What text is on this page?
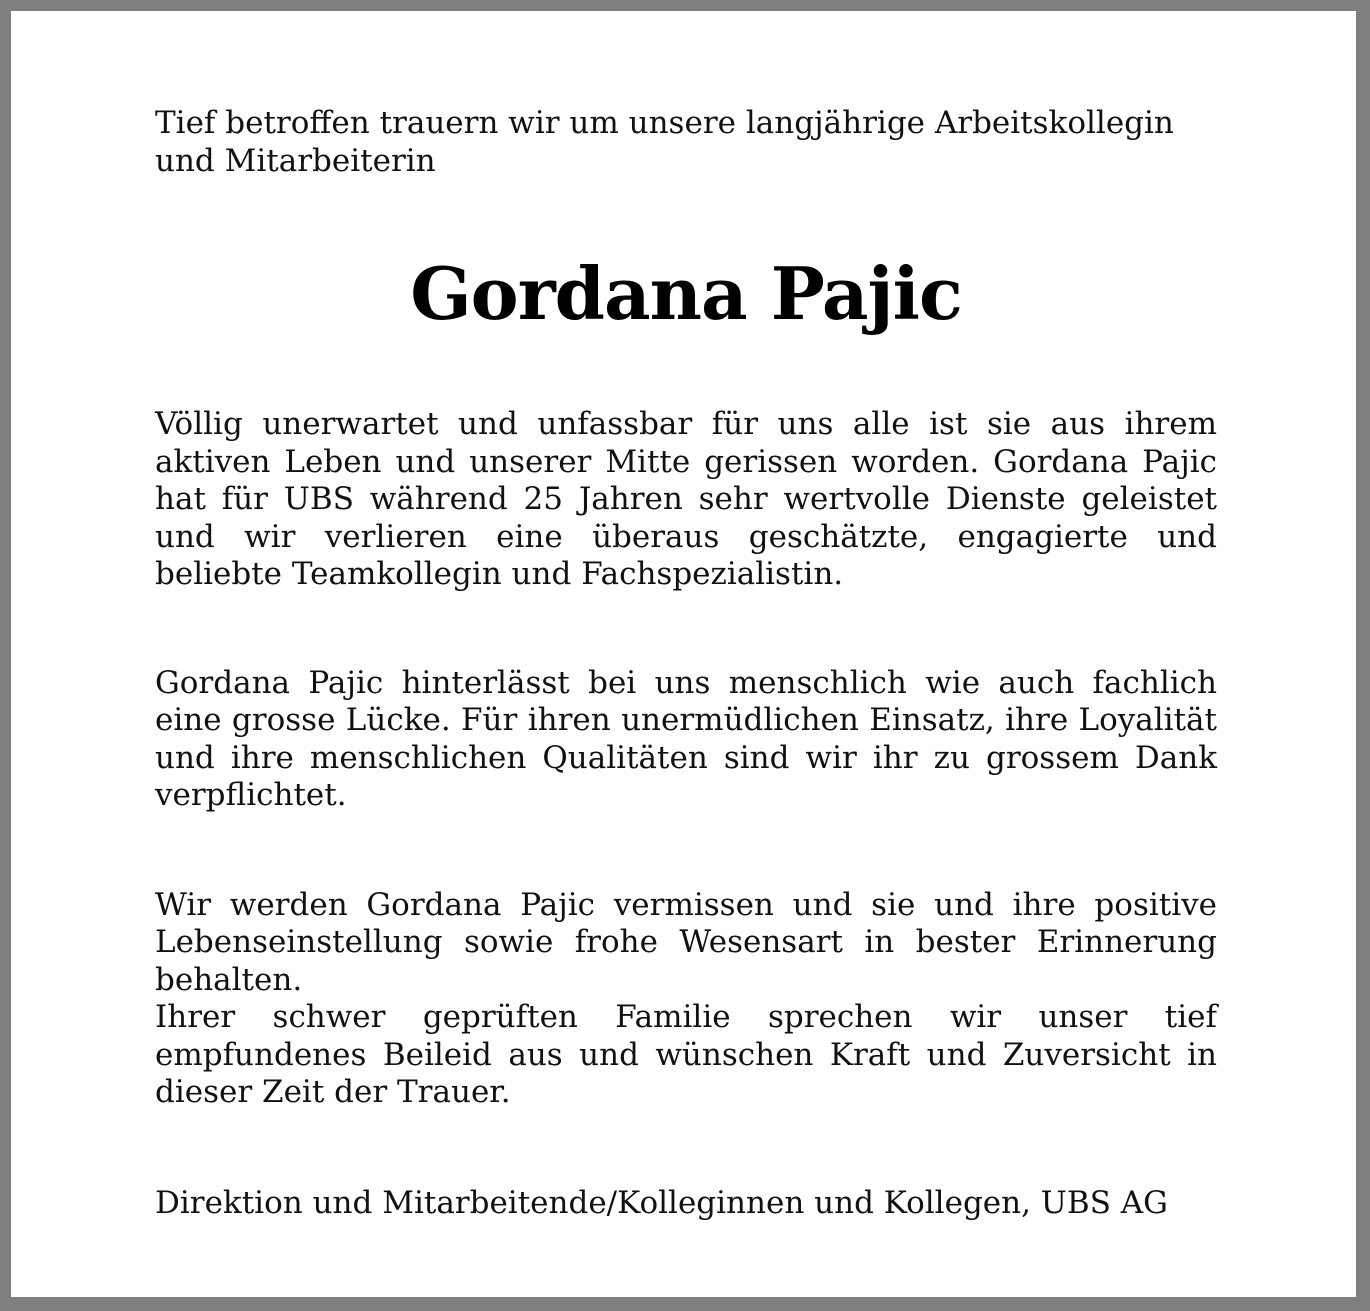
Tief betroffen trauern wir um unsere langjährige Arbeitskollegin und Mitarbeiterin

Gordana Pajic

Völlig unerwartet und unfassbar für uns alle ist sie aus ihrem aktiven Leben und unserer Mitte gerissen worden. Gordana Pajic hat für UBS während 25 Jahren sehr wertvolle Dienste geleistet und wir verlieren eine überaus geschätzte, engagierte und beliebte Teamkollegin und Fachspezialistin.

Gordana Pajic hinterlässt bei uns menschlich wie auch fachlich eine grosse Lücke. Für ihren unermüdlichen Einsatz, ihre Loyalität und ihre menschlichen Qualitäten sind wir ihr zu grossem Dank verpflichtet.

Wir werden Gordana Pajic vermissen und sie und ihre positive Lebenseinstellung sowie frohe Wesensart in bester Erinnerung behalten.

Ihrer schwer geprüften Familie sprechen wir unser tief empfundenes Beileid aus und wünschen Kraft und Zuversicht in dieser Zeit der Trauer.

Direktion und Mitarbeitende/Kolleginnen und Kollegen, UBS AG
